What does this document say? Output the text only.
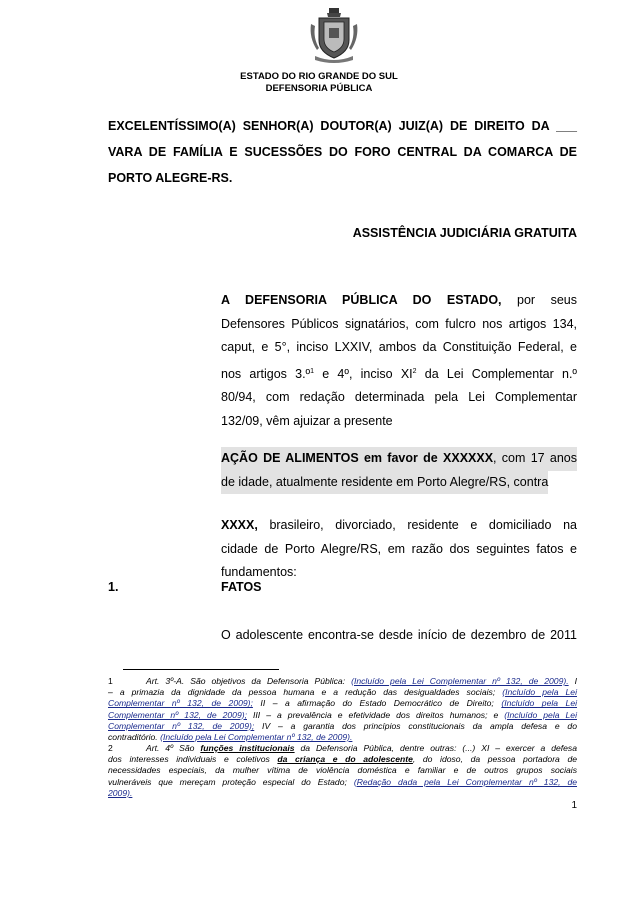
ESTADO DO RIO GRANDE DO SUL
DEFENSORIA PÚBLICA
EXCELENTÍSSIMO(A) SENHOR(A) DOUTOR(A) JUIZ(A) DE DIREITO DA ___
VARA DE FAMÍLIA E SUCESSÕES DO FORO CENTRAL DA COMARCA DE
PORTO ALEGRE-RS.
ASSISTÊNCIA JUDICIÁRIA GRATUITA
A DEFENSORIA PÚBLICA DO ESTADO, por seus
Defensores Públicos signatários, com fulcro nos artigos 134,
caput, e 5°, inciso LXXIV, ambos da Constituição Federal, e
nos artigos 3.º$^1$ e 4º, inciso $XI^2$ da Lei Complementar n.º
80/94, com redação determinada pela Lei Complementar
132/09, vêm ajuizar a presente
AÇÃO DE ALIMENTOS em favor de XXXXXX, com 17 anos
de idade, atualmente residente em Porto Alegre/RS, contra
XXXX, brasileiro, divorciado, residente e domiciliado na
cidade de Porto Alegre/RS, em razão dos seguintes fatos e
fundamentos:
1.	FATOS
O adolescente encontra-se desde início de dezembro de 2011
1	Art. 3º-A. São objetivos da Defensoria Pública: (Incluído pela Lei Complementar nº 132, de 2009). I
– a primazia da dignidade da pessoa humana e a redução das desigualdades sociais; (Incluído pela Lei
Complementar nº 132, de 2009); II – a afirmação do Estado Democrático de Direito; (Incluído pela Lei
Complementar nº 132, de 2009); III – a prevalência e efetividade dos direitos humanos; e (Incluído pela Lei
Complementar nº 132, de 2009); IV – a garantia dos princípios constitucionais da ampla defesa e do
contraditório. (Incluído pela Lei Complementar nº 132, de 2009).
2	Art. 4º São funções institucionais da Defensoria Pública, dentre outras: (...) XI – exercer a defesa
dos interesses individuais e coletivos da criança e do adolescente, do idoso, da pessoa portadora de
necessidades especiais, da mulher vítima de violência doméstica e familiar e de outros grupos sociais
vulneráveis que mereçam proteção especial do Estado; (Redação dada pela Lei Complementar nº 132, de
2009).
1
